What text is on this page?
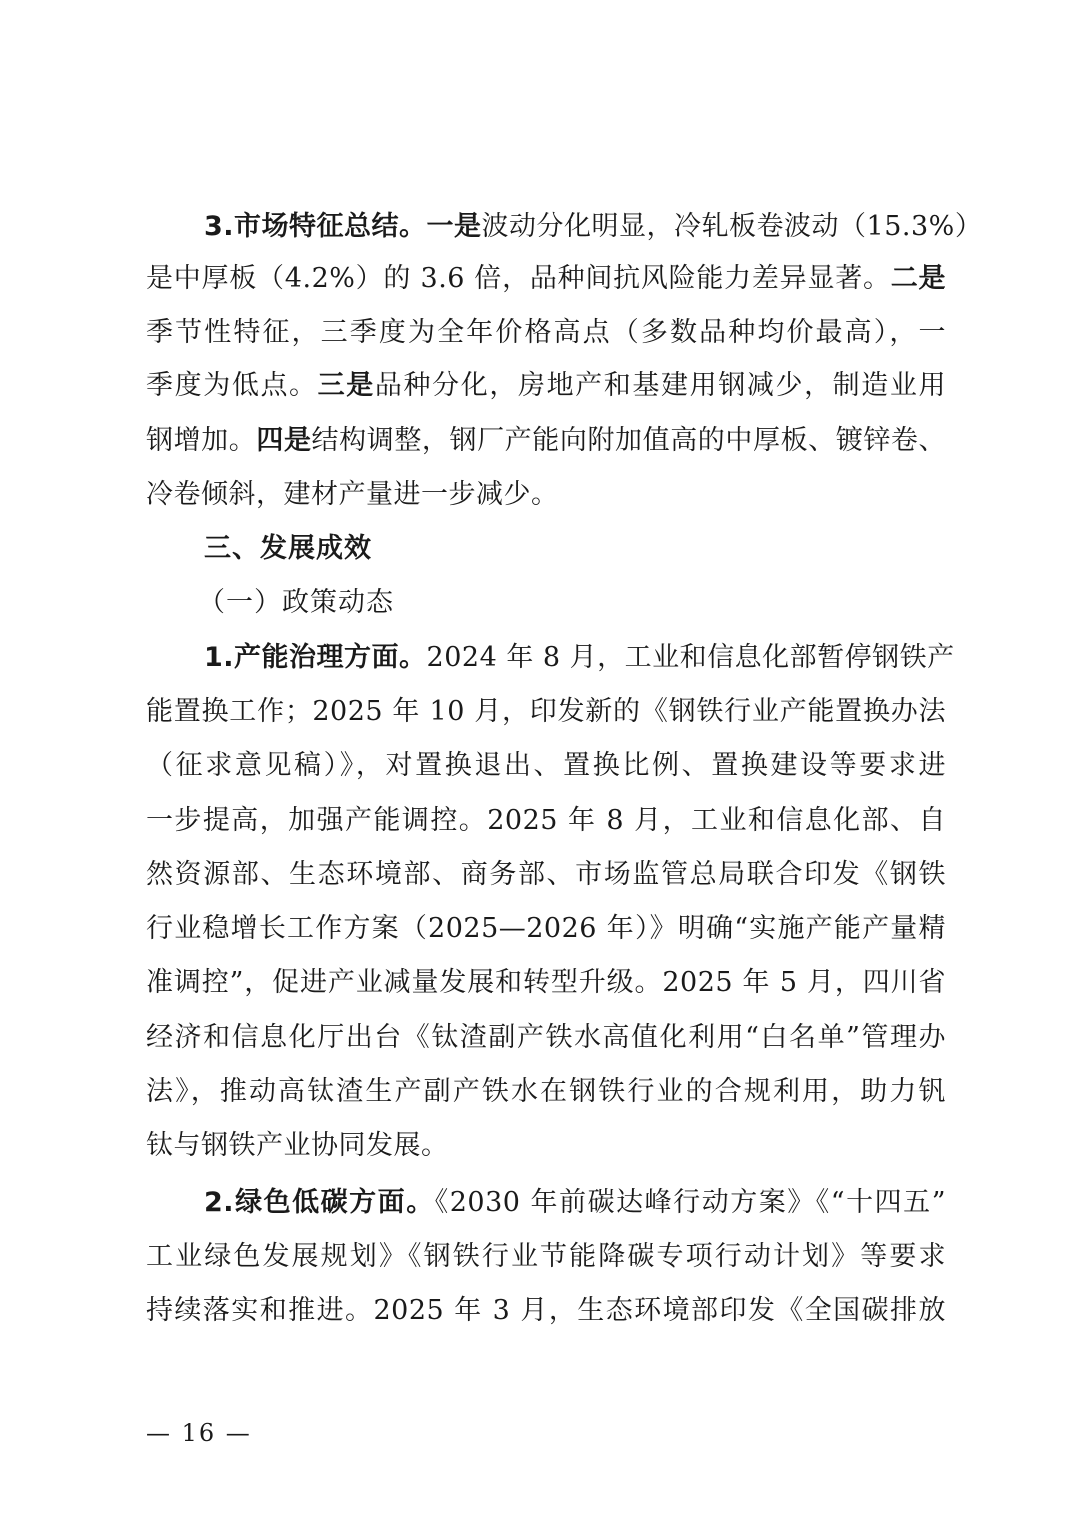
3.市场特征总结。一是波动分化明显，冷轧板卷波动（15.3%）
是中厚板（4.2%）的 3.6 倍，品种间抗风险能力差异显著。二是
季节性特征，三季度为全年价格高点（多数品种均价最高），一
季度为低点。三是品种分化，房地产和基建用钢减少，制造业用
钢增加。四是结构调整，钢厂产能向附加值高的中厚板、镀锌卷、
冷卷倾斜，建材产量进一步减少。
三、发展成效
（一）政策动态
1.产能治理方面。2024 年 8 月，工业和信息化部暂停钢铁产
能置换工作；2025 年 10 月，印发新的《钢铁行业产能置换办法
（征求意见稿）》，对置换退出、置换比例、置换建设等要求进
一步提高，加强产能调控。2025 年 8 月，工业和信息化部、自
然资源部、生态环境部、商务部、市场监管总局联合印发《钢铁
行业稳增长工作方案（2025—2026 年）》明确“实施产能产量精
准调控”，促进产业减量发展和转型升级。2025 年 5 月，四川省
经济和信息化厅出台《钛渣副产铁水高值化利用“白名单”管理办
法》，推动高钛渣生产副产铁水在钢铁行业的合规利用，助力钒
钛与钢铁产业协同发展。
2.绿色低碳方面。《2030 年前碳达峰行动方案》《“十四五”
工业绿色发展规划》《钢铁行业节能降碳专项行动计划》等要求
持续落实和推进。2025 年 3 月，生态环境部印发《全国碳排放
— 16 —
